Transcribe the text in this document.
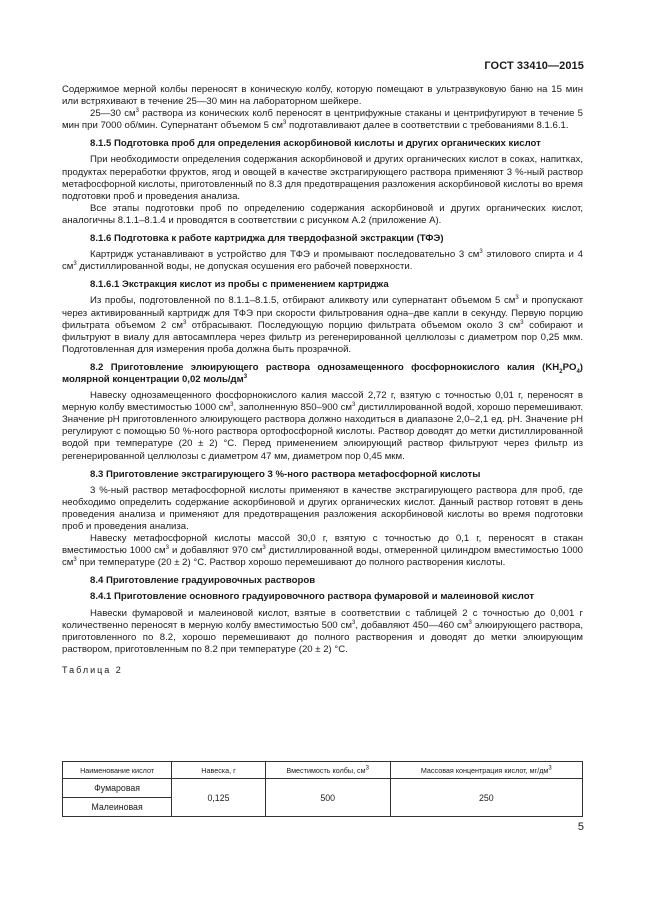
ГОСТ 33410—2015

Содержимое мерной колбы переносят в коническую колбу, которую помещают в ультразвуковую баню на 15 мин или встряхивают в течение 25—30 мин на лабораторном шейкере.

25—30 $см^3$ раствора из конических колб переносят в центрифужные стаканы и центрифугируют в течение 5 мин при 7000 об/мин. Супернатант объемом 5 $см^3$ подготавливают далее в соответствии с требованиями 8.1.6.1.

8.1.5 Подготовка проб для определения аскорбиновой кислоты и других органических кислот

При необходимости определения содержания аскорбиновой и других органических кислот в соках, напитках, продуктах переработки фруктов, ягод и овощей в качестве экстрагирующего раствора применяют 3 %-ный раствор метафосфорной кислоты, приготовленный по 8.3 для предотвращения разложения аскорбиновой кислоты во время подготовки проб и проведения анализа.

Все этапы подготовки проб по определению содержания аскорбиновой и других органических кислот, аналогичны 8.1.1–8.1.4 и проводятся в соответствии с рисунком А.2 (приложение А).

8.1.6 Подготовка к работе картриджа для твердофазной экстракции (ТФЭ)

Картридж устанавливают в устройство для ТФЭ и промывают последовательно 3 $см^3$ этилового спирта и 4 $см^3$ дистиллированной воды, не допуская осушения его рабочей поверхности.

8.1.6.1 Экстракция кислот из пробы с применением картриджа

Из пробы, подготовленной по 8.1.1–8.1.5, отбирают аликвоту или супернатант объемом 5 $см^3$ и пропускают через активированный картридж для ТФЭ при скорости фильтрования одна–две капли в секунду. Первую порцию фильтрата объемом 2 $см^3$ отбрасывают. Последующую порцию фильтрата объемом около 3 $см^3$ собирают и фильтруют в виалу для автосамплера через фильтр из регенерированной целлюлозы с диаметром пор 0,25 мкм. Подготовленная для измерения проба должна быть прозрачной.

8.2 Приготовление элюирующего раствора однозамещенного фосфорнокислого калия $(KH_2PO_4)$ молярной концентрации 0,02 моль/$дм^3$

Навеску однозамещенного фосфорнокислого калия массой 2,72 г, взятую с точностью 0,01 г, переносят в мерную колбу вместимостью 1000 $см^3$, заполненную 850–900 $см^3$ дистиллированной водой, хорошо перемешивают. Значение pH приготовленного элюирующего раствора должно находиться в диапазоне 2,0–2,1 ед. pH. Значение pH регулируют с помощью 50 %-ного раствора ортофосфорной кислоты. Раствор доводят до метки дистиллированной водой при температуре (20 ± 2) °С. Перед применением элюирующий раствор фильтруют через фильтр из регенерированной целлюлозы с диаметром 47 мм, диаметром пор 0,45 мкм.

8.3 Приготовление экстрагирующего 3 %-ного раствора метафосфорной кислоты

3 %-ный раствор метафосфорной кислоты применяют в качестве экстрагирующего раствора для проб, где необходимо определить содержание аскорбиновой и других органических кислот. Данный раствор готовят в день проведения анализа и применяют для предотвращения разложения аскорбиновой кислоты во время подготовки проб и проведения анализа.

Навеску метафосфорной кислоты массой 30,0 г, взятую с точностью до 0,1 г, переносят в стакан вместимостью 1000 $см^3$ и добавляют 970 $см^3$ дистиллированной воды, отмеренной цилиндром вместимостью 1000 $см^3$ при температуре (20 ± 2) °С. Раствор хорошо перемешивают до полного растворения кислоты.

8.4 Приготовление градуировочных растворов

8.4.1 Приготовление основного градуировочного раствора фумаровой и малеиновой кислот

Навески фумаровой и малеиновой кислот, взятые в соответствии с таблицей 2 с точностью до 0,001 г количественно переносят в мерную колбу вместимостью 500 $см^3$, добавляют 450—460 $см^3$ элюирующего раствора, приготовленного по 8.2, хорошо перемешивают до полного растворения и доводят до метки элюирующим раствором, приготовленным по 8.2 при температуре (20 ± 2) °С.

Таблица 2

Наименование кислот	Навеска, г	Вместимость колбы, $см^3$	Массовая концентрация кислот, $мг/дм^3$
Фумаровая	0,125	500	250
Малеиновая			
5
